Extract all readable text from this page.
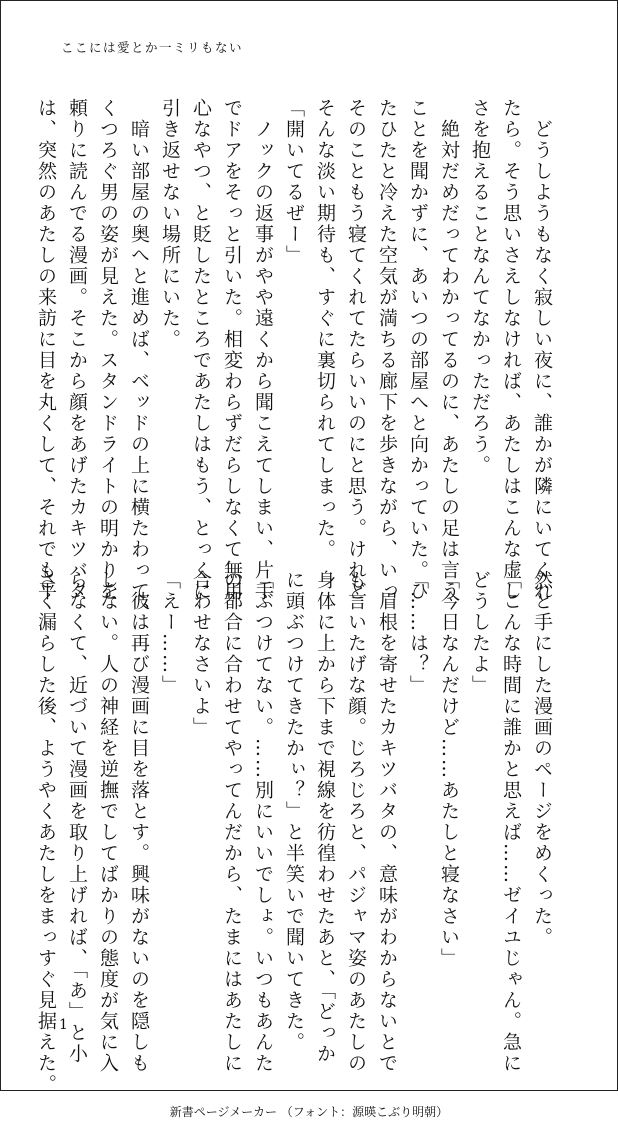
ここには愛とか一ミリもない
　どうしようもなく寂しい夜に、誰かが隣にいてくれ
たら。そう思いさえしなければ、あたしはこんな虚し
さを抱えることなんてなかっただろう。
　絶対だめだってわかってるのに、あたしの足は言う
ことを聞かずに、あいつの部屋へと向かっていた。ひ
たひたと冷えた空気が満ちる廊下を歩きながら、いっ
そのこともう寝てくれてたらいいのにと思う。けれど
そんな淡い期待も、すぐに裏切られてしまった。
「開いてるぜー」
　ノックの返事がやや遠くから聞こえてしまい、片手
でドアをそっと引いた。相変わらずだらしなくて無用
心なやつ、と貶したところであたしはもう、とっくに
引き返せない場所にいた。
　暗い部屋の奥へと進めば、ベッドの上に横たわって、
くつろぐ男の姿が見えた。スタンドライトの明かりを
頼りに読んでる漫画。そこから顔をあげたカキツバタ
は、突然のあたしの来訪に目を丸くして、それでも平
然と手にした漫画のページをめくった。
「こんな時間に誰かと思えば……ゼイユじゃん。急に
どうしたよ」
「今日なんだけど……あたしと寝なさい」
「……は？」
　眉根を寄せたカキツバタの、意味がわからないとで
も言いたげな顔。じろじろと、パジャマ姿のあたしの
身体に上から下まで視線を彷徨わせたあと、「どっか
に頭ぶつけてきたかぃ？」と半笑いで聞いてきた。
「ぶつけてない。……別にいいでしょ。いつもあんた
の都合に合わせてやってんだから、たまにはあたしに
合わせなさいよ」
「えー……」
　彼は再び漫画に目を落とす。興味がないのを隠しも
しない。人の神経を逆撫でしてばかりの態度が気に入
らなくて、近づいて漫画を取り上げれば、「あ」と小
さく漏らした後、ようやくあたしをまっすぐ見据えた。 1
新書ページメーカー （フォント：源暎こぶり明朝）
